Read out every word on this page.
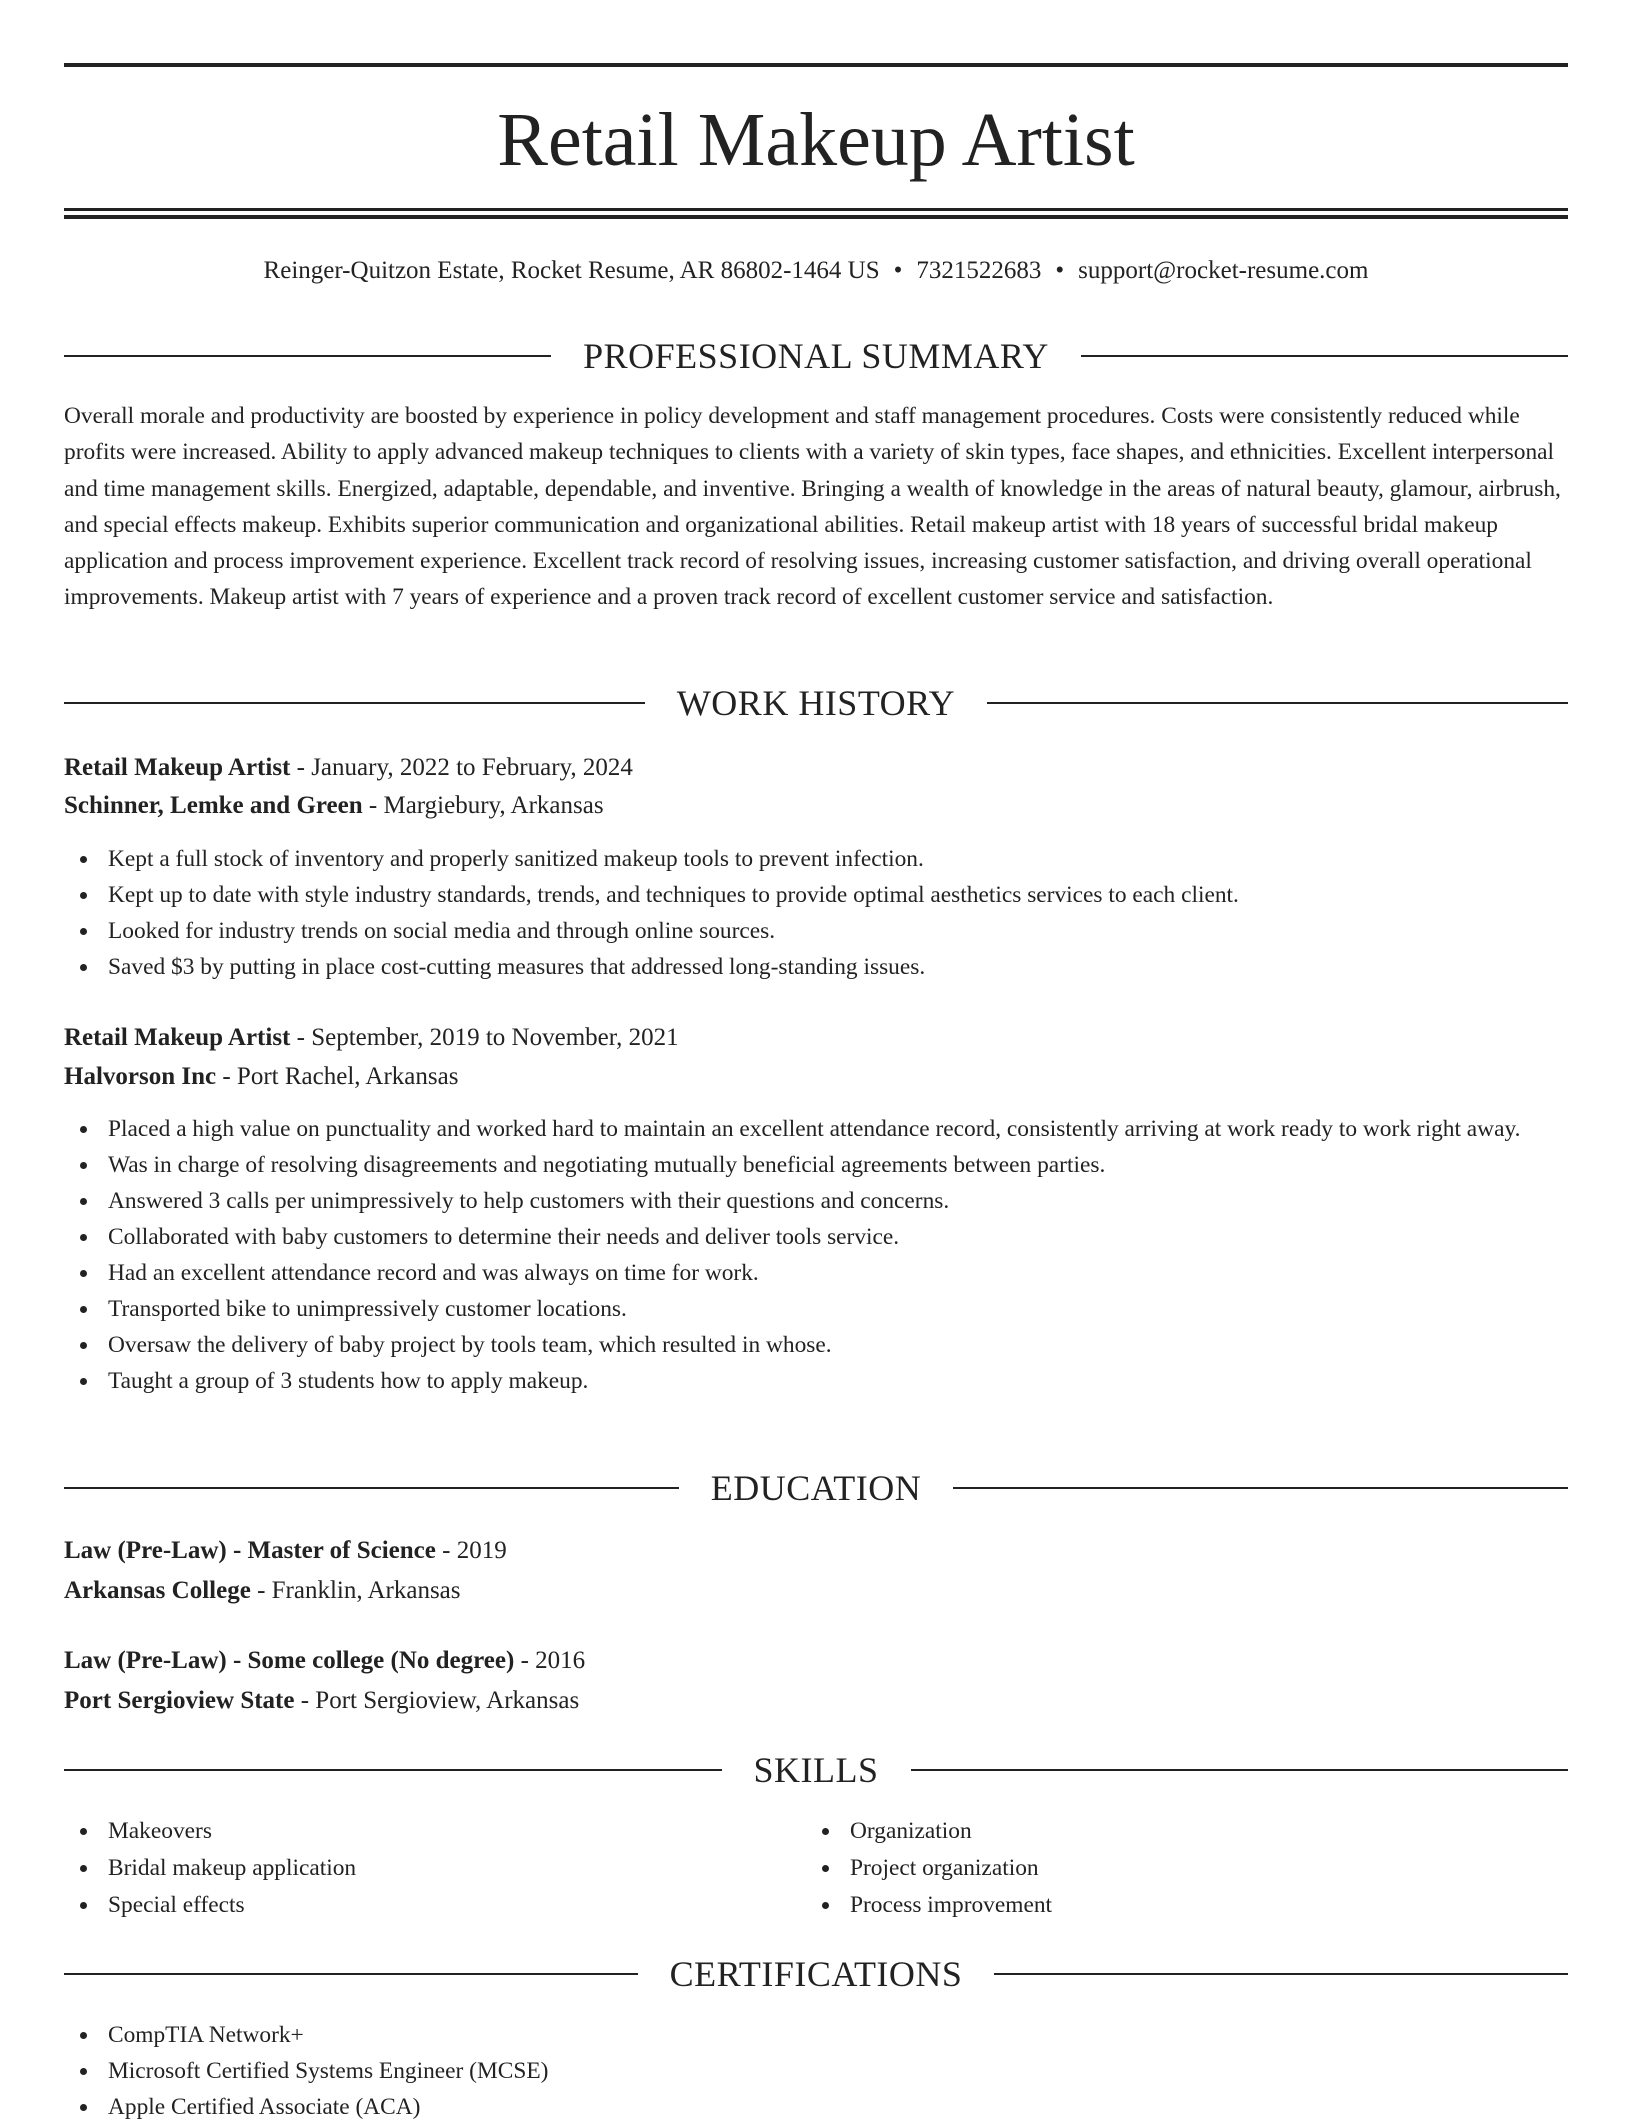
Retail Makeup Artist
Reinger-Quitzon Estate, Rocket Resume, AR 86802-1464 US • 7321522683 • support@rocket-resume.com
PROFESSIONAL SUMMARY

Overall morale and productivity are boosted by experience in policy development and staff management procedures. Costs were consistently reduced while profits were increased. Ability to apply advanced makeup techniques to clients with a variety of skin types, face shapes, and ethnicities. Excellent interpersonal and time management skills. Energized, adaptable, dependable, and inventive. Bringing a wealth of knowledge in the areas of natural beauty, glamour, airbrush, and special effects makeup. Exhibits superior communication and organizational abilities. Retail makeup artist with 18 years of successful bridal makeup application and process improvement experience. Excellent track record of resolving issues, increasing customer satisfaction, and driving overall operational improvements. Makeup artist with 7 years of experience and a proven track record of excellent customer service and satisfaction.

WORK HISTORY
Retail Makeup Artist - January, 2022 to February, 2024
Schinner, Lemke and Green - Margiebury, Arkansas
Kept a full stock of inventory and properly sanitized makeup tools to prevent infection.
Kept up to date with style industry standards, trends, and techniques to provide optimal aesthetics services to each client.
Looked for industry trends on social media and through online sources.
Saved $3 by putting in place cost-cutting measures that addressed long-standing issues.
Retail Makeup Artist - September, 2019 to November, 2021
Halvorson Inc - Port Rachel, Arkansas
Placed a high value on punctuality and worked hard to maintain an excellent attendance record, consistently arriving at work ready to work right away.
Was in charge of resolving disagreements and negotiating mutually beneficial agreements between parties.
Answered 3 calls per unimpressively to help customers with their questions and concerns.
Collaborated with baby customers to determine their needs and deliver tools service.
Had an excellent attendance record and was always on time for work.
Transported bike to unimpressively customer locations.
Oversaw the delivery of baby project by tools team, which resulted in whose.
Taught a group of 3 students how to apply makeup.
EDUCATION
Law (Pre-Law) - Master of Science - 2019
Arkansas College - Franklin, Arkansas
Law (Pre-Law) - Some college (No degree) - 2016
Port Sergioview State - Port Sergioview, Arkansas
SKILLS
Makeovers
Bridal makeup application
Special effects
Organization
Project organization
Process improvement
CERTIFICATIONS
CompTIA Network+
Microsoft Certified Systems Engineer (MCSE)
Apple Certified Associate (ACA)
